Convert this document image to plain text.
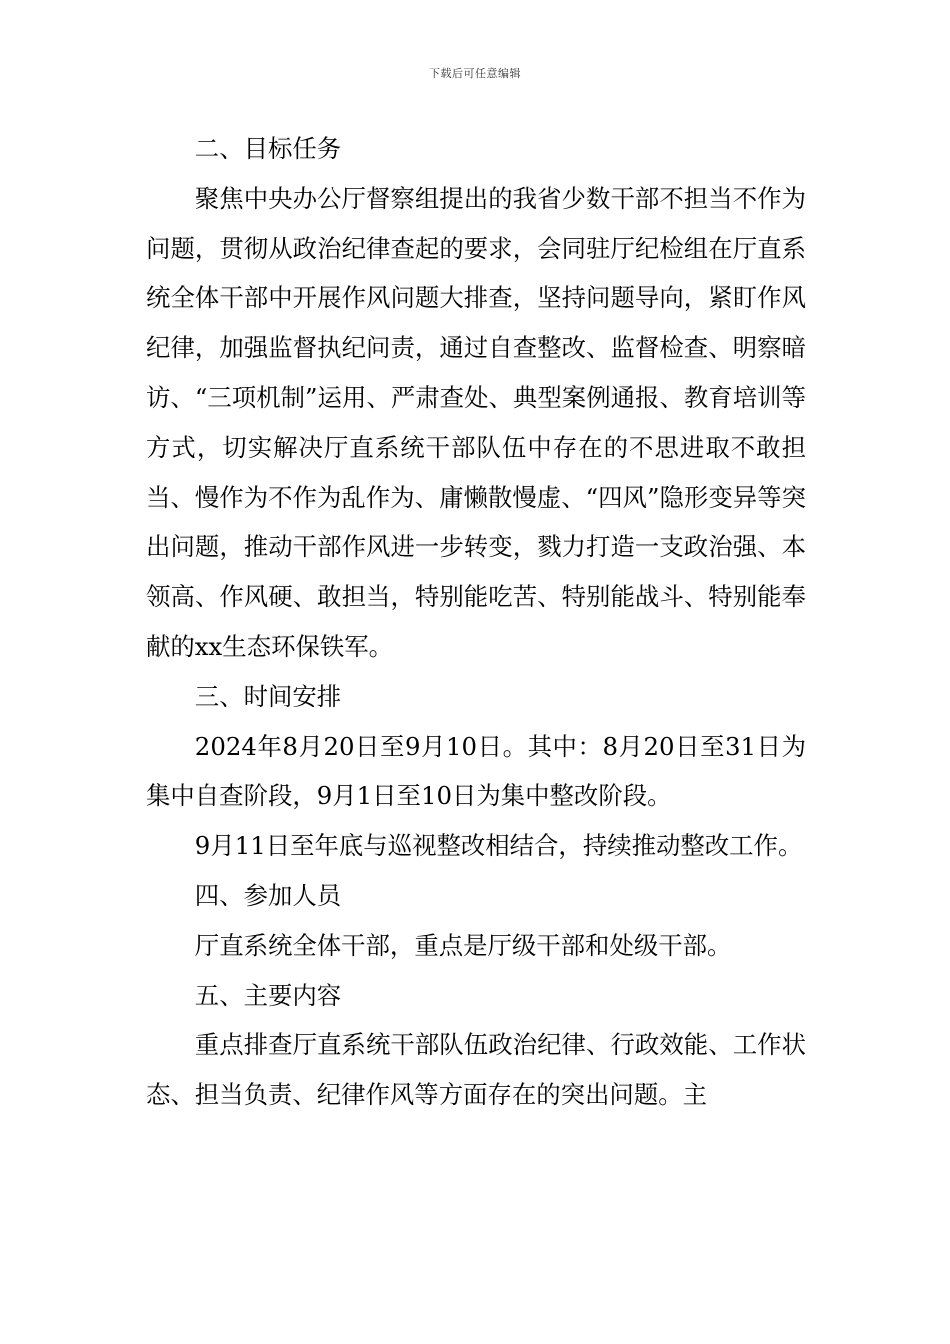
下载后可任意编辑

二、目标任务

聚焦中央办公厅督察组提出的我省少数干部不担当不作为问题，贯彻从政治纪律查起的要求，会同驻厅纪检组在厅直系统全体干部中开展作风问题大排查，坚持问题导向，紧盯作风纪律，加强监督执纪问责，通过自查整改、监督检查、明察暗访、“三项机制”运用、严肃查处、典型案例通报、教育培训等方式，切实解决厅直系统干部队伍中存在的不思进取不敢担当、慢作为不作为乱作为、庸懒散慢虚、“四风”隐形变异等突出问题，推动干部作风进一步转变，戮力打造一支政治强、本领高、作风硬、敢担当，特别能吃苦、特别能战斗、特别能奉献的xx生态环保铁军。

三、时间安排

2024年8月20日至9月10日。其中：8月20日至31日为集中自查阶段，9月1日至10日为集中整改阶段。

9月11日至年底与巡视整改相结合，持续推动整改工作。

四、参加人员

厅直系统全体干部，重点是厅级干部和处级干部。

五、主要内容

重点排查厅直系统干部队伍政治纪律、行政效能、工作状态、担当负责、纪律作风等方面存在的突出问题。主
